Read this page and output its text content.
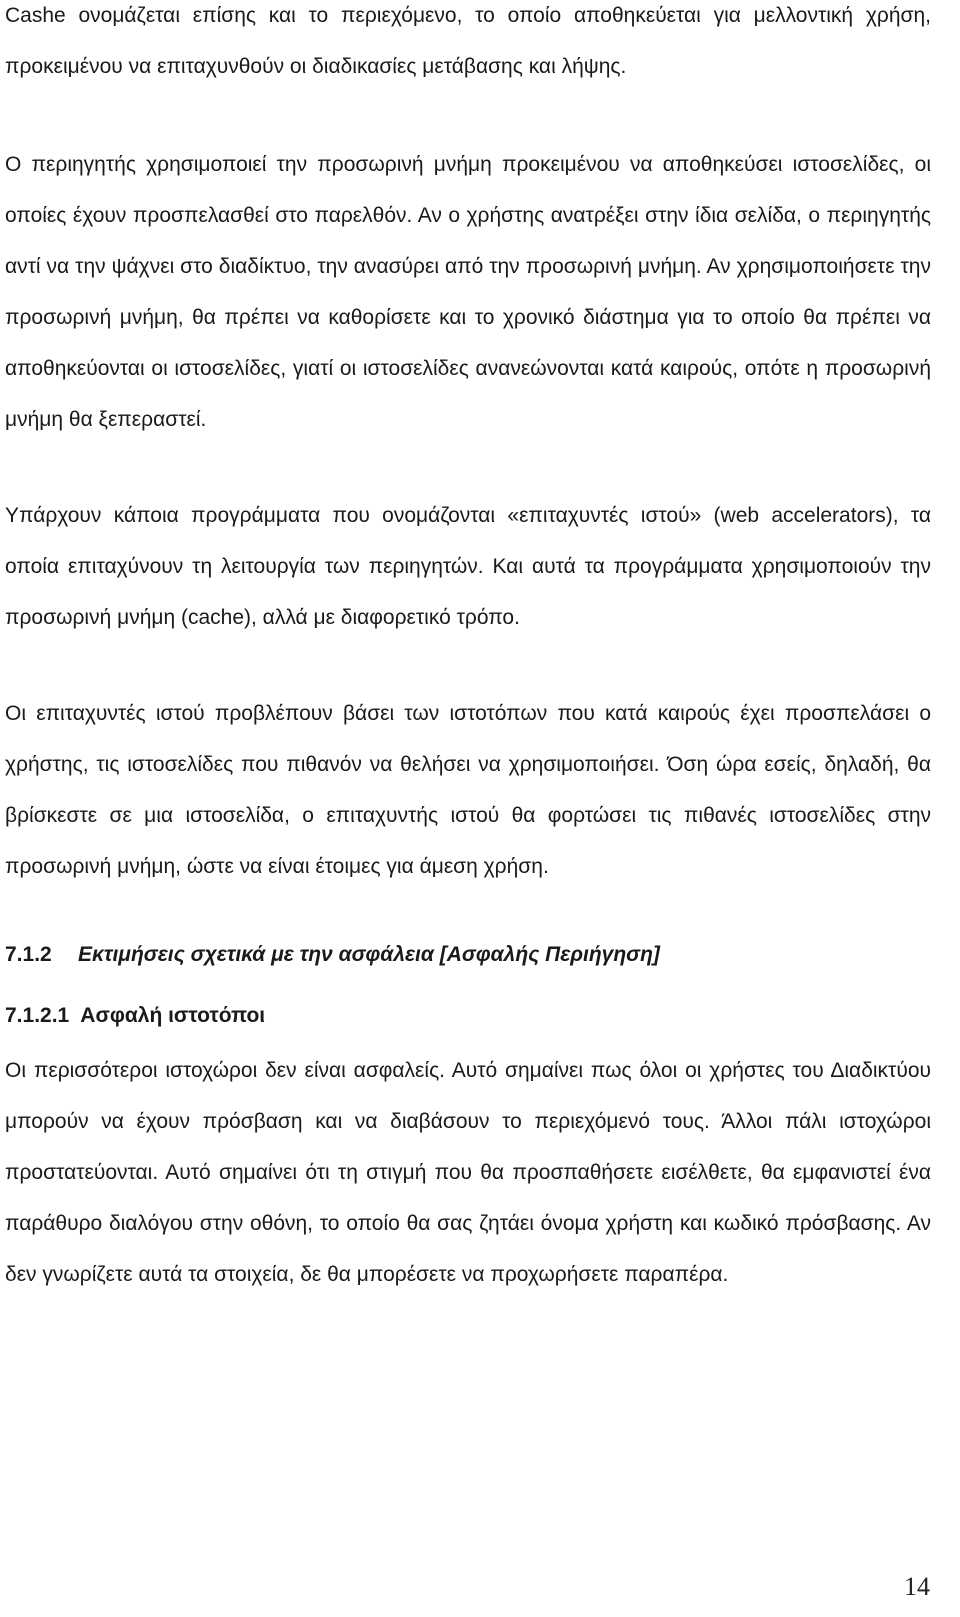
Cashe ονομάζεται επίσης και το περιεχόμενο, το οποίο αποθηκεύεται για μελλοντική χρήση, προκειμένου να επιταχυνθούν οι διαδικασίες μετάβασης και λήψης.

Ο περιηγητής χρησιμοποιεί την προσωρινή μνήμη προκειμένου να αποθηκεύσει ιστοσελίδες, οι οποίες έχουν προσπελασθεί στο παρελθόν. Αν ο χρήστης ανατρέξει στην ίδια σελίδα, ο περιηγητής αντί να την ψάχνει στο διαδίκτυο, την ανασύρει από την προσωρινή μνήμη. Αν χρησιμοποιήσετε την προσωρινή μνήμη, θα πρέπει να καθορίσετε και το χρονικό διάστημα για το οποίο θα πρέπει να αποθηκεύονται οι ιστοσελίδες, γιατί οι ιστοσελίδες ανανεώνονται κατά καιρούς, οπότε η προσωρινή μνήμη θα ξεπεραστεί.

Υπάρχουν κάποια προγράμματα που ονομάζονται «επιταχυντές ιστού» (web accelerators), τα οποία επιταχύνουν τη λειτουργία των περιηγητών. Και αυτά τα προγράμματα χρησιμοποιούν την προσωρινή μνήμη (cache), αλλά με διαφορετικό τρόπο.

Οι επιταχυντές ιστού προβλέπουν βάσει των ιστοτόπων που κατά καιρούς έχει προσπελάσει ο χρήστης, τις ιστοσελίδες που πιθανόν να θελήσει να χρησιμοποιήσει. Όση ώρα εσείς, δηλαδή, θα βρίσκεστε σε μια ιστοσελίδα, ο επιταχυντής ιστού θα φορτώσει τις πιθανές ιστοσελίδες στην προσωρινή μνήμη, ώστε να είναι έτοιμες για άμεση χρήση.

7.1.2	Εκτιμήσεις σχετικά με την ασφάλεια [Ασφαλής Περιήγηση]
7.1.2.1 Ασφαλή ιστοτόποι

Οι περισσότεροι ιστοχώροι δεν είναι ασφαλείς. Αυτό σημαίνει πως όλοι οι χρήστες του Διαδικτύου μπορούν να έχουν πρόσβαση και να διαβάσουν το περιεχόμενό τους. Άλλοι πάλι ιστοχώροι προστατεύονται. Αυτό σημαίνει ότι τη στιγμή που θα προσπαθήσετε εισέλθετε, θα εμφανιστεί ένα παράθυρο διαλόγου στην οθόνη, το οποίο θα σας ζητάει όνομα χρήστη και κωδικό πρόσβασης. Αν δεν γνωρίζετε αυτά τα στοιχεία, δε θα μπορέσετε να προχωρήσετε παραπέρα.

14
